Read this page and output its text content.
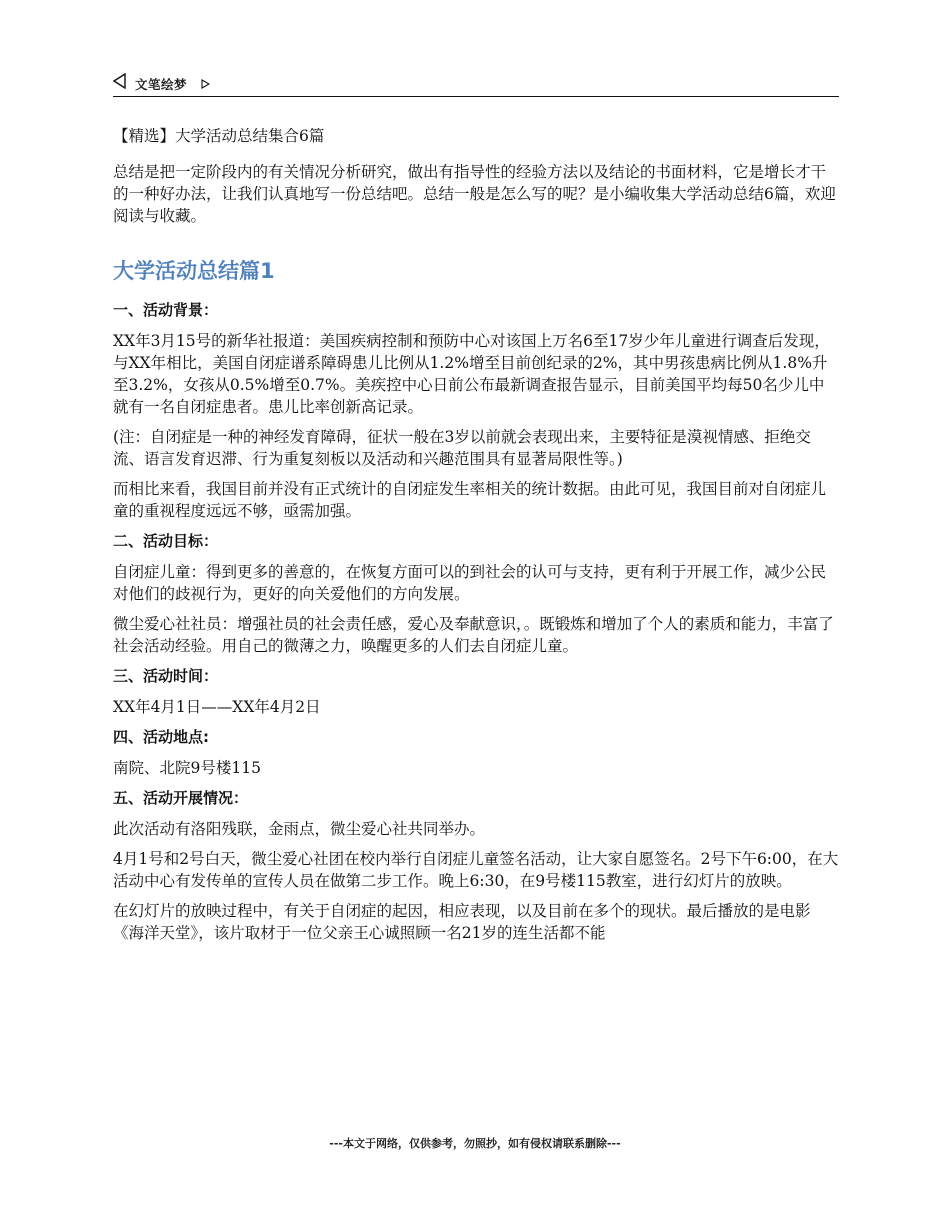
文笔绘梦
【精选】大学活动总结集合6篇

总结是把一定阶段内的有关情况分析研究，做出有指导性的经验方法以及结论的书面材料，它是增长才干的一种好办法，让我们认真地写一份总结吧。总结一般是怎么写的呢？是小编收集大学活动总结6篇，欢迎阅读与收藏。

大学活动总结篇1
一、活动背景：

XX年3月15号的新华社报道：美国疾病控制和预防中心对该国上万名6至17岁少年儿童进行调查后发现，与XX年相比，美国自闭症谱系障碍患儿比例从1.2%增至目前创纪录的2%，其中男孩患病比例从1.8%升至3.2%，女孩从0.5%增至0.7%。美疾控中心日前公布最新调查报告显示，目前美国平均每50名少儿中就有一名自闭症患者。患儿比率创新高记录。

(注：自闭症是一种的神经发育障碍，征状一般在3岁以前就会表现出来，主要特征是漠视情感、拒绝交流、语言发育迟滞、行为重复刻板以及活动和兴趣范围具有显著局限性等。)

而相比来看，我国目前并没有正式统计的自闭症发生率相关的统计数据。由此可见，我国目前对自闭症儿童的重视程度远远不够，亟需加强。

二、活动目标：

自闭症儿童：得到更多的善意的，在恢复方面可以的到社会的认可与支持，更有利于开展工作，减少公民对他们的歧视行为，更好的向关爱他们的方向发展。

微尘爱心社社员：增强社员的社会责任感，爱心及奉献意识，。既锻炼和增加了个人的素质和能力，丰富了社会活动经验。用自己的微薄之力，唤醒更多的人们去自闭症儿童。

三、活动时间：

XX年4月1日——XX年4月2日

四、活动地点:

南院、北院9号楼115

五、活动开展情况：

此次活动有洛阳残联，金雨点，微尘爱心社共同举办。

4月1号和2号白天，微尘爱心社团在校内举行自闭症儿童签名活动，让大家自愿签名。2号下午6:00，在大活动中心有发传单的宣传人员在做第二步工作。晚上6:30，在9号楼115教室，进行幻灯片的放映。

在幻灯片的放映过程中，有关于自闭症的起因，相应表现，以及目前在多个的现状。最后播放的是电影《海洋天堂》，该片取材于一位父亲王心诚照顾一名21岁的连生活都不能

---本文于网络，仅供参考，勿照抄，如有侵权请联系删除---
